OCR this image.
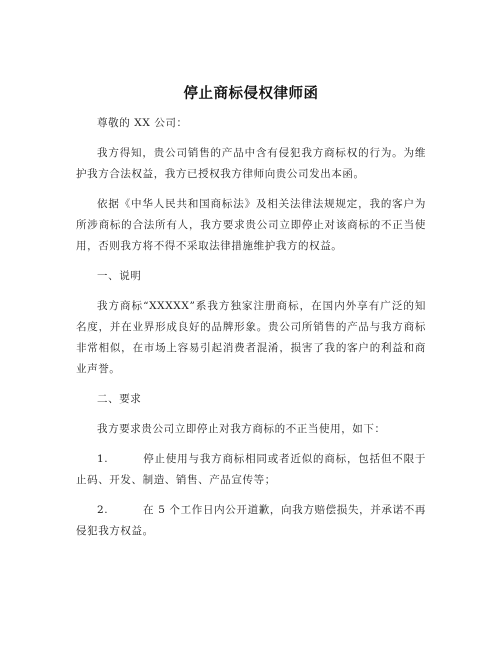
停止商标侵权律师函
尊敬的 XX 公司：
我方得知，贵公司销售的产品中含有侵犯我方商标权的行为。为维护我方合法权益，我方已授权我方律师向贵公司发出本函。
依据《中华人民共和国商标法》及相关法律法规规定，我的客户为所涉商标的合法所有人，我方要求贵公司立即停止对该商标的不正当使用，否则我方将不得不采取法律措施维护我方的权益。
一、说明
我方商标“XXXXX”系我方独家注册商标，在国内外享有广泛的知名度，并在业界形成良好的品牌形象。贵公司所销售的产品与我方商标非常相似，在市场上容易引起消费者混淆，损害了我的客户的利益和商业声誉。
二、要求
我方要求贵公司立即停止对我方商标的不正当使用，如下：
1.	停止使用与我方商标相同或者近似的商标，包括但不限于止码、开发、制造、销售、产品宣传等；
2.	在 5 个工作日内公开道歉，向我方赔偿损失，并承诺不再侵犯我方权益。
